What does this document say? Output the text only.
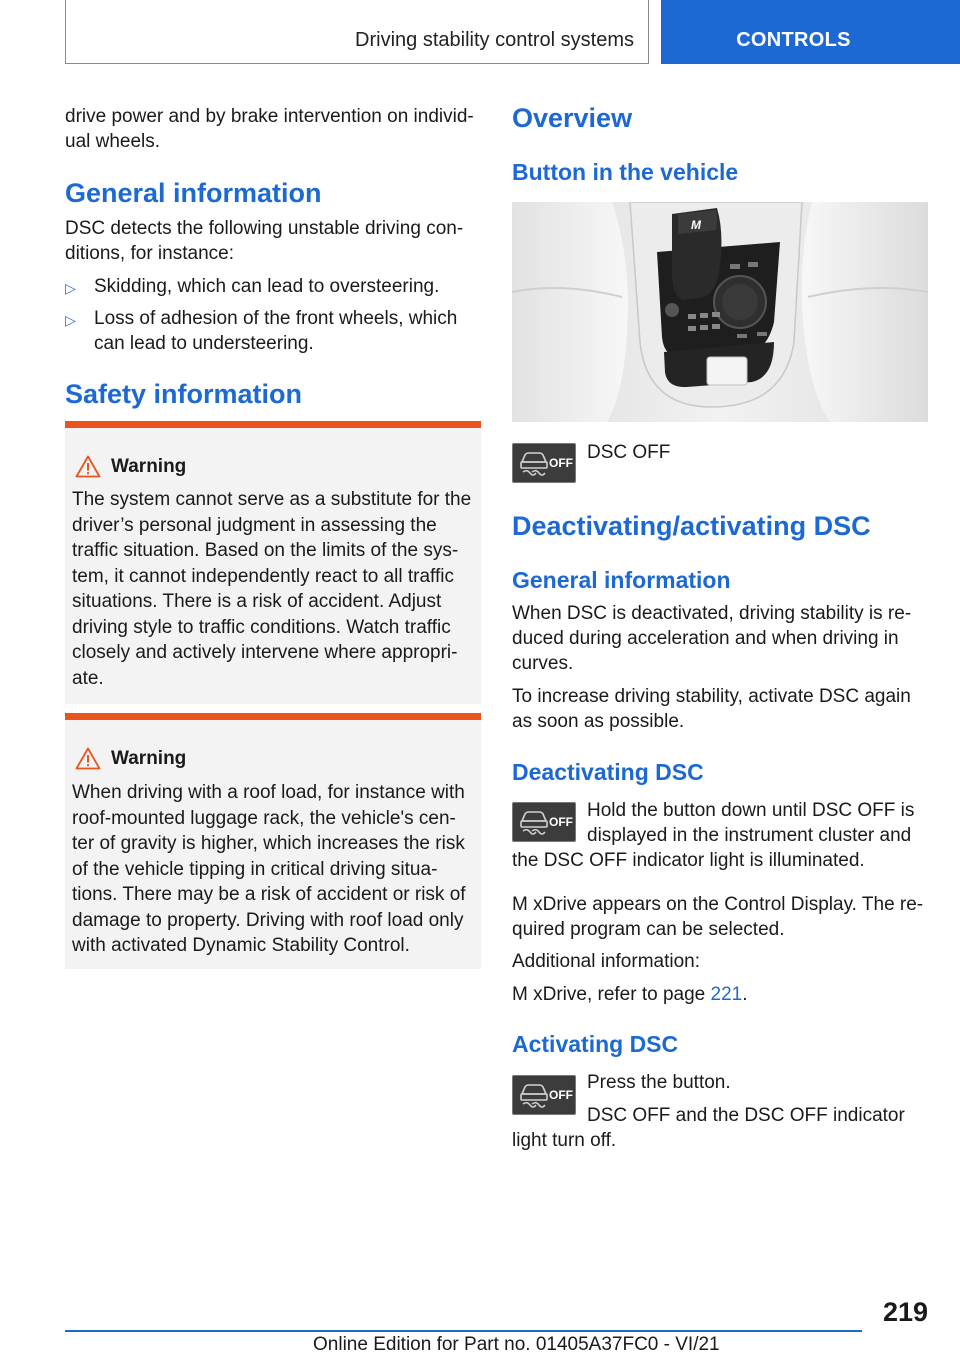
Driving stability control systems	CONTROLS
drive power and by brake intervention on individ-
ual wheels.
General information
DSC detects the following unstable driving con-
ditions, for instance:
▷ Skidding, which can lead to oversteering.
▷ Loss of adhesion of the front wheels, which
can lead to understeering.
Safety information
Warning
The system cannot serve as a substitute for the
driver’s personal judgment in assessing the
traffic situation. Based on the limits of the sys-
tem, it cannot independently react to all traffic
situations. There is a risk of accident. Adjust
driving style to traffic conditions. Watch traffic
closely and actively intervene where appropri-
ate.
Warning
When driving with a roof load, for instance with
roof-mounted luggage rack, the vehicle's cen-
ter of gravity is higher, which increases the risk
of the vehicle tipping in critical driving situa-
tions. There may be a risk of accident or risk of
damage to property. Driving with roof load only
with activated Dynamic Stability Control.
Overview
Button in the vehicle
M
OFF DSC OFF
Deactivating/activating DSC
General information
When DSC is deactivated, driving stability is re-
duced during acceleration and when driving in
curves.
To increase driving stability, activate DSC again
as soon as possible.
Deactivating DSC
OFF
Hold the button down until DSC OFF is
displayed in the instrument cluster and
the DSC OFF indicator light is illuminated.
M xDrive appears on the Control Display. The re-
quired program can be selected.
Additional information:
M xDrive, refer to page 221.
Activating DSC
OFF
Press the button.
DSC OFF and the DSC OFF indicator
light turn off.
219
Online Edition for Part no. 01405A37FC0 - VI/21
